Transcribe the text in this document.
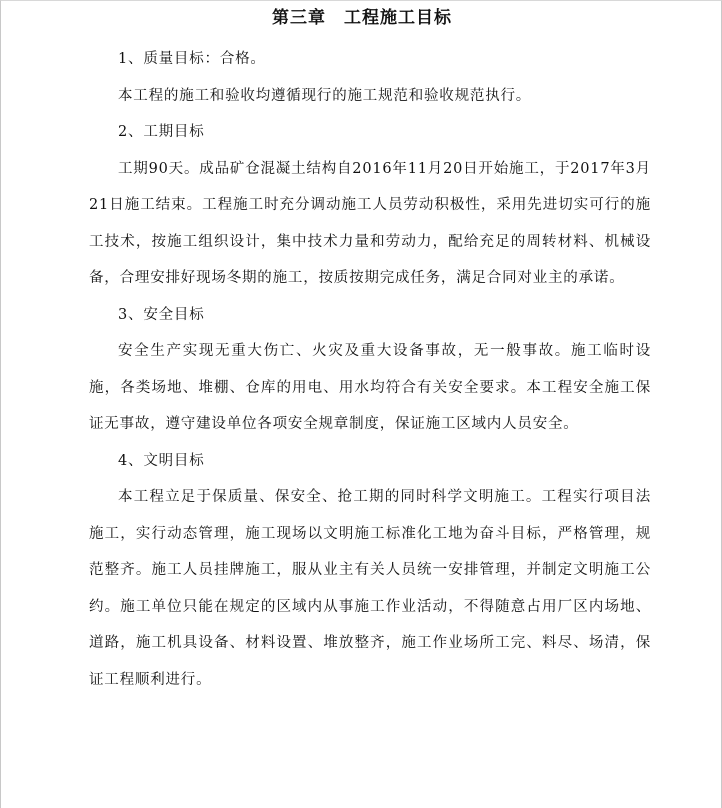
第三章　工程施工目标

1、质量目标：合格。

本工程的施工和验收均遵循现行的施工规范和验收规范执行。

2、工期目标

工期90天。成品矿仓混凝土结构自2016年11月20日开始施工，于2017年3月21日施工结束。工程施工时充分调动施工人员劳动积极性，采用先进切实可行的施工技术，按施工组织设计，集中技术力量和劳动力，配给充足的周转材料、机械设备，合理安排好现场冬期的施工，按质按期完成任务，满足合同对业主的承诺。

3、安全目标

安全生产实现无重大伤亡、火灾及重大设备事故，无一般事故。施工临时设施，各类场地、堆棚、仓库的用电、用水均符合有关安全要求。本工程安全施工保证无事故，遵守建设单位各项安全规章制度，保证施工区域内人员安全。

4、文明目标

本工程立足于保质量、保安全、抢工期的同时科学文明施工。工程实行项目法施工，实行动态管理，施工现场以文明施工标准化工地为奋斗目标，严格管理，规范整齐。施工人员挂牌施工，服从业主有关人员统一安排管理，并制定文明施工公约。施工单位只能在规定的区域内从事施工作业活动，不得随意占用厂区内场地、道路，施工机具设备、材料设置、堆放整齐，施工作业场所工完、料尽、场清，保证工程顺利进行。
